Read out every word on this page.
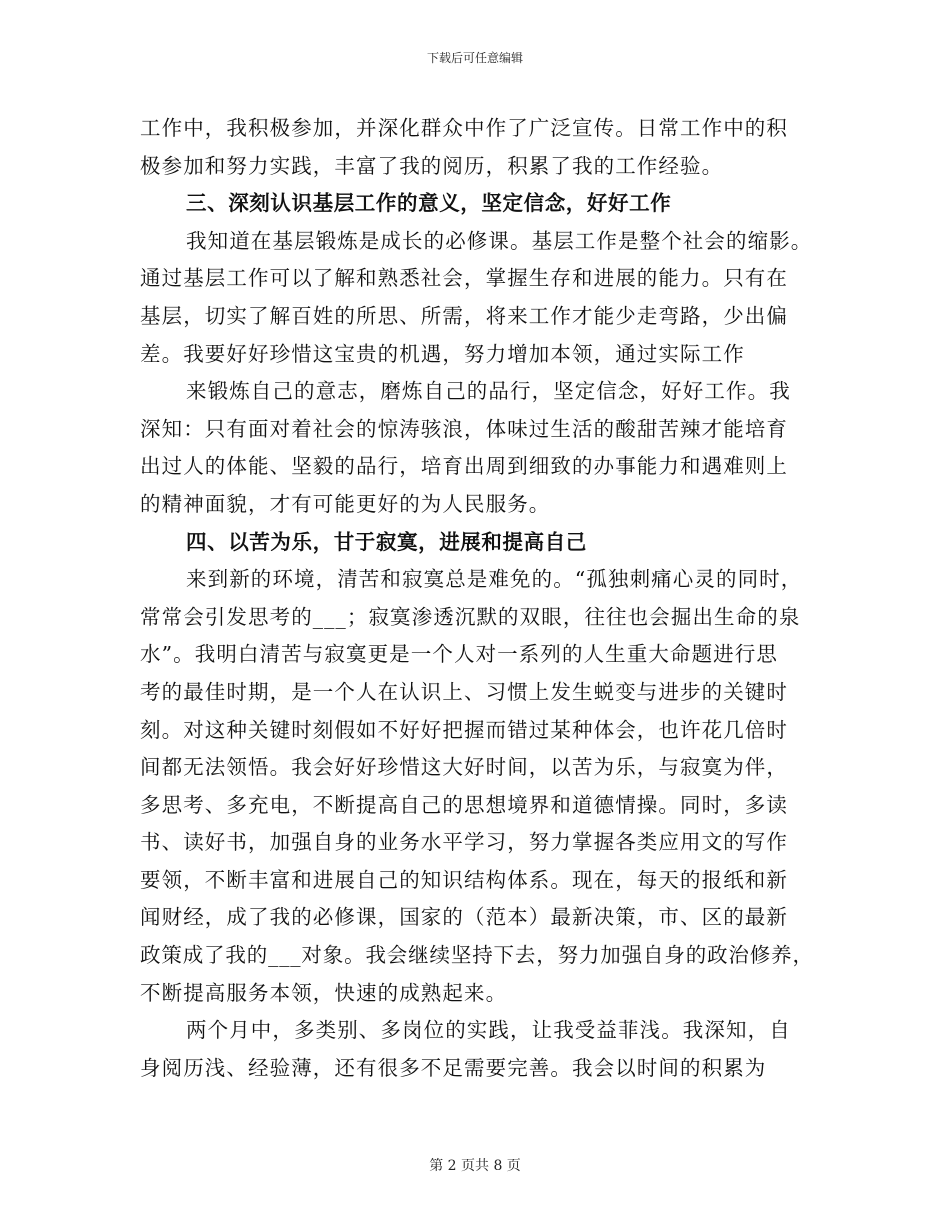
下载后可任意编辑
工作中，我积极参加，并深化群众中作了广泛宣传。日常工作中的积
极参加和努力实践，丰富了我的阅历，积累了我的工作经验。
三、深刻认识基层工作的意义，坚定信念，好好工作
我知道在基层锻炼是成长的必修课。基层工作是整个社会的缩影。
通过基层工作可以了解和熟悉社会，掌握生存和进展的能力。只有在
基层，切实了解百姓的所思、所需，将来工作才能少走弯路，少出偏
差。我要好好珍惜这宝贵的机遇，努力增加本领，通过实际工作
来锻炼自己的意志，磨炼自己的品行，坚定信念，好好工作。我
深知：只有面对着社会的惊涛骇浪，体味过生活的酸甜苦辣才能培育
出过人的体能、坚毅的品行，培育出周到细致的办事能力和遇难则上
的精神面貌，才有可能更好的为人民服务。
四、以苦为乐，甘于寂寞，进展和提高自己
来到新的环境，清苦和寂寞总是难免的。“孤独刺痛心灵的同时，
常常会引发思考的___；寂寞渗透沉默的双眼，往往也会掘出生命的泉
水”。我明白清苦与寂寞更是一个人对一系列的人生重大命题进行思
考的最佳时期，是一个人在认识上、习惯上发生蜕变与进步的关键时
刻。对这种关键时刻假如不好好把握而错过某种体会，也许花几倍时
间都无法领悟。我会好好珍惜这大好时间，以苦为乐，与寂寞为伴，
多思考、多充电，不断提高自己的思想境界和道德情操。同时，多读
书、读好书，加强自身的业务水平学习，努力掌握各类应用文的写作
要领，不断丰富和进展自己的知识结构体系。现在，每天的报纸和新
闻财经，成了我的必修课，国家的（范本）最新决策，市、区的最新
政策成了我的___对象。我会继续坚持下去，努力加强自身的政治修养，
不断提高服务本领，快速的成熟起来。
两个月中，多类别、多岗位的实践，让我受益菲浅。我深知，自
身阅历浅、经验薄，还有很多不足需要完善。我会以时间的积累为
第 2 页共 8 页
